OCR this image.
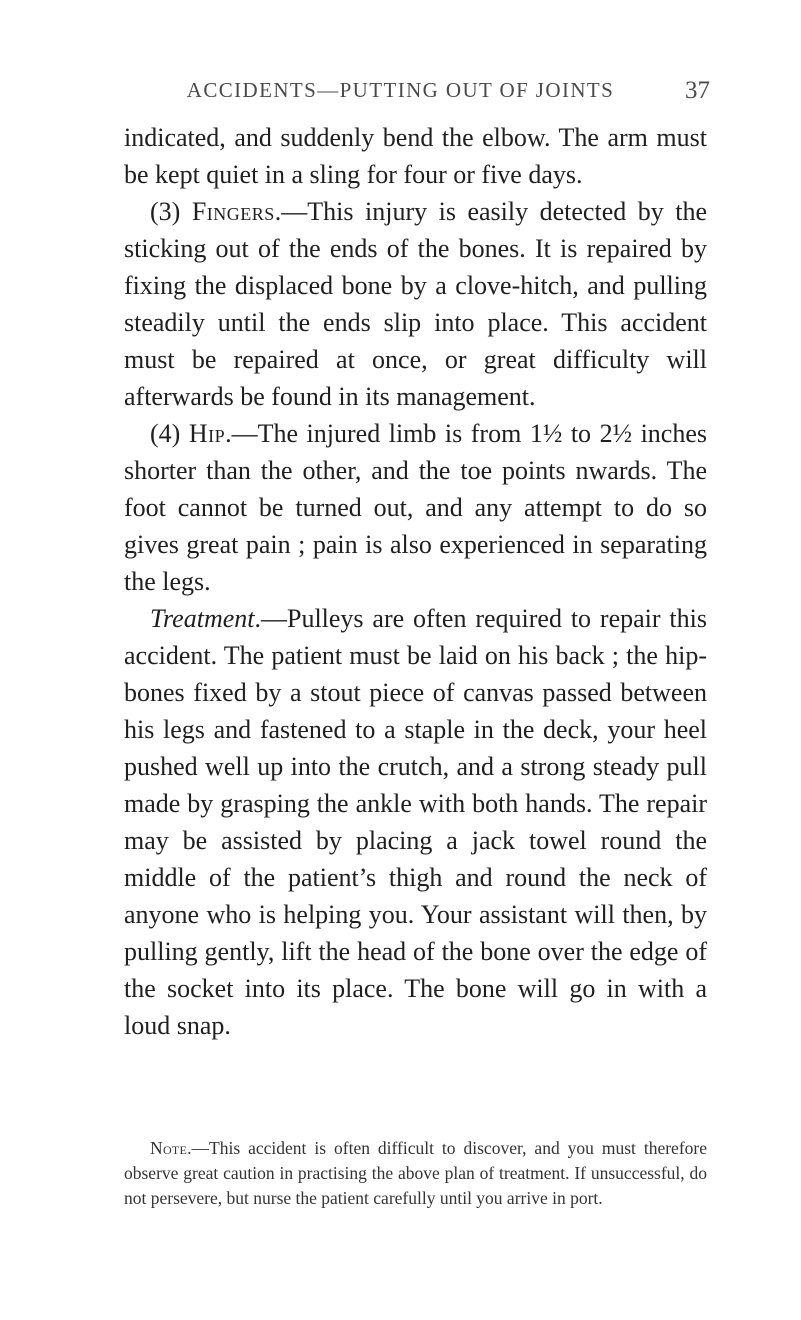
ACCIDENTS—PUTTING OUT OF JOINTS	37

indicated, and suddenly bend the elbow. The arm must be kept quiet in a sling for four or five days.

(3) Fingers.—This injury is easily detected by the sticking out of the ends of the bones. It is repaired by fixing the displaced bone by a clove-hitch, and pulling steadily until the ends slip into place. This accident must be repaired at once, or great difficulty will afterwards be found in its management.

(4) Hip.—The injured limb is from 1½ to 2½ inches shorter than the other, and the toe points nwards. The foot cannot be turned out, and any attempt to do so gives great pain ; pain is also experienced in separating the legs.

Treatment.—Pulleys are often required to repair this accident. The patient must be laid on his back ; the hip-bones fixed by a stout piece of canvas passed between his legs and fastened to a staple in the deck, your heel pushed well up into the crutch, and a strong steady pull made by grasping the ankle with both hands. The repair may be assisted by placing a jack towel round the middle of the patient’s thigh and round the neck of anyone who is helping you. Your assistant will then, by pulling gently, lift the head of the bone over the edge of the socket into its place. The bone will go in with a loud snap.

Note.—This accident is often difficult to discover, and you must therefore observe great caution in practising the above plan of treatment. If unsuccessful, do not persevere, but nurse the patient carefully until you arrive in port.
